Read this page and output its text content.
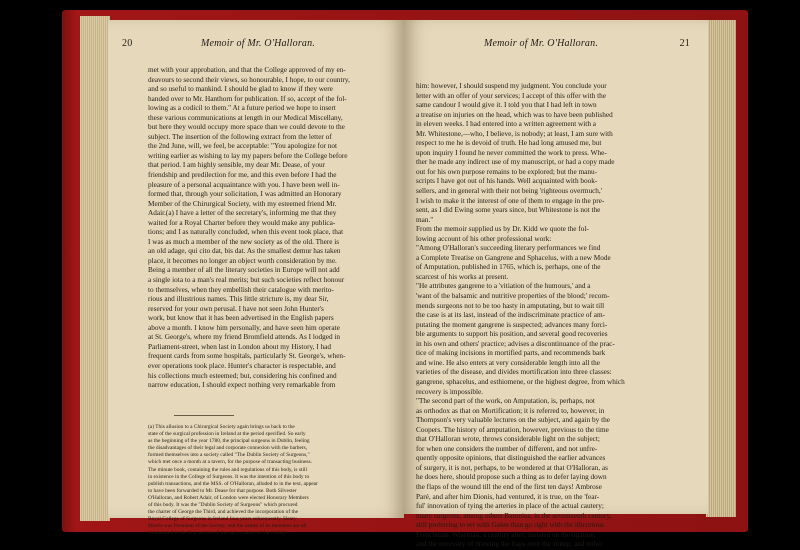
20	Memoir of Mr. O'Halloran.
met with your approbation, and that the College approved of my en-
deavours to second their views, so honourable, I hope, to our country,
and so useful to mankind. I should be glad to know if they were
handed over to Mr. Hanthorn for publication. If so, accept of the fol-
lowing as a codicil to them." At a future period we hope to insert
these various communications at length in our Medical Miscellany,
but here they would occupy more space than we could devote to the
subject. The insertion of the following extract from the letter of
the 2nd June, will, we feel, be acceptable: "You apologize for not
writing earlier as wishing to lay my papers before the College before
that period. I am highly sensible, my dear Mr. Dease, of your
friendship and predilection for me, and this even before I had the
pleasure of a personal acquaintance with you. I have been well in-
formed that, through your solicitation, I was admitted an Honorary
Member of the Chirurgical Society, with my esteemed friend Mr.
Adair.(a) I have a letter of the secretary's, informing me that they
waited for a Royal Charter before they would make any publica-
tions; and I as naturally concluded, when this event took place, that
I was as much a member of the new society as of the old. There is
an old adage, qui cito dat, bis dat. As the smallest demur has taken
place, it becomes no longer an object worth consideration by me.
Being a member of all the literary societies in Europe will not add
a single iota to a man's real merits; but such societies reflect honour
to themselves, when they embellish their catalogue with merito-
rious and illustrious names. This little stricture is, my dear Sir,
reserved for your own perusal. I have not seen John Hunter's
work, but know that it has been advertised in the English papers
above a month. I know him personally, and have seen him operate
at St. George's, where my friend Bromfield attends. As I lodged in
Parliament-street, when last in London about my History, I had
frequent cards from some hospitals, particularly St. George's, when-
ever operations took place. Hunter's character is respectable, and
his collections much esteemed; but, considering his confined and
narrow education, I should expect nothing very remarkable from
(a) This allusion to a Chirurgical Society again brings us back to the
state of the surgical profession in Ireland at the period specified. So early
as the beginning of the year 1780, the principal surgeons in Dublin, feeling
the disadvantages of their legal and corporate connexion with the barbers,
formed themselves into a society called "The Dublin Society of Surgeons,"
which met once a month at a tavern, for the purpose of transacting business.
The minute book, containing the rules and regulations of this body, is still
in existence in the College of Surgeons. It was the intention of this body to
publish transactions, and the MSS. of O'Halloran, alluded to in the text, appear
to have been forwarded to Mr. Dease for that purpose. Both Silvester
O'Halloran, and Robert Adair, of London were elected Honorary Members
of this body. It was the "Dublin Society of Surgeons" which procured
the charter of George the Third, and achieved the incorporation of the
Royal College of Surgeons in Ireland four years subsequently. Henry
Morris was President of the Society, and the names of its members are all
enumerated in the first section of the early charter of the College.
Memoir of Mr. O'Halloran.	21
him: however, I should suspend my judgment. You conclude your
letter with an offer of your services; I accept of this offer with the
same candour I would give it. I told you that I had left in town
a treatise on injuries on the head, which was to have been published
in eleven weeks. I had entered into a written agreement with a
Mr. Whitestone,—who, I believe, is nobody; at least, I am sure with
respect to me he is devoid of truth. He had long amused me, but
upon inquiry I found he never committed the work to press. Whe-
ther he made any indirect use of my manuscript, or had a copy made
out for his own purpose remains to be explored; but the manu-
scripts I have got out of his hands. Well acquainted with book-
sellers, and in general with their not being 'righteous overmuch,'
I wish to make it the interest of one of them to engage in the pre-
sent, as I did Ewing some years since, but Whitestone is not the
man."
From the memoir supplied us by Dr. Kidd we quote the fol-
lowing account of his other professional work:
"Among O'Halloran's succeeding literary performances we find
a Complete Treatise on Gangrene and Sphacelus, with a new Mode
of Amputation, published in 1765, which is, perhaps, one of the
scarcest of his works at present.
"He attributes gangrene to a 'vitiation of the humours,' and a
'want of the balsamic and nutritive properties of the blood;' recom-
mends surgeons not to be too hasty in amputating, but to wait till
the case is at its last, instead of the indiscriminate practice of am-
putating the moment gangrene is suspected; advances many forci-
ble arguments to support his position, and several good recoveries
in his own and others' practice; advises a discontinuance of the prac-
tice of making incisions in mortified parts, and recommends bark
and wine. He also enters at very considerable length into all the
varieties of the disease, and divides mortification into three classes:
gangrene, sphacelus, and esthiomene, or the highest degree, from which
recovery is impossible.
"The second part of the work, on Amputation, is, perhaps, not
as orthodox as that on Mortification; it is referred to, however, in
Thompson's very valuable lectures on the subject, and again by the
Coopers. The history of amputation, however, previous to the time
that O'Halloran wrote, throws considerable light on the subject;
for when one considers the number of different, and not unfre-
quently opposite opinions, that distinguished the earlier advances
of surgery, it is not, perhaps, to be wondered at that O'Halloran, as
he does here, should propose such a thing as to defer laying down
the flaps of the wound till the end of the first ten days! Ambrose
Paré, and after him Dionis, had ventured, it is true, on the 'fear-
ful' innovation of tying the arteries in place of the actual cautery;
many surgeons, among others Baronius, in the seventeenth century,
still preferring to err with Galen than go right with the illustrious
Frenchman. Wiseman, a century after, insisted on the ligature,
and the necessity of drawing the flaps over the stump, and either
